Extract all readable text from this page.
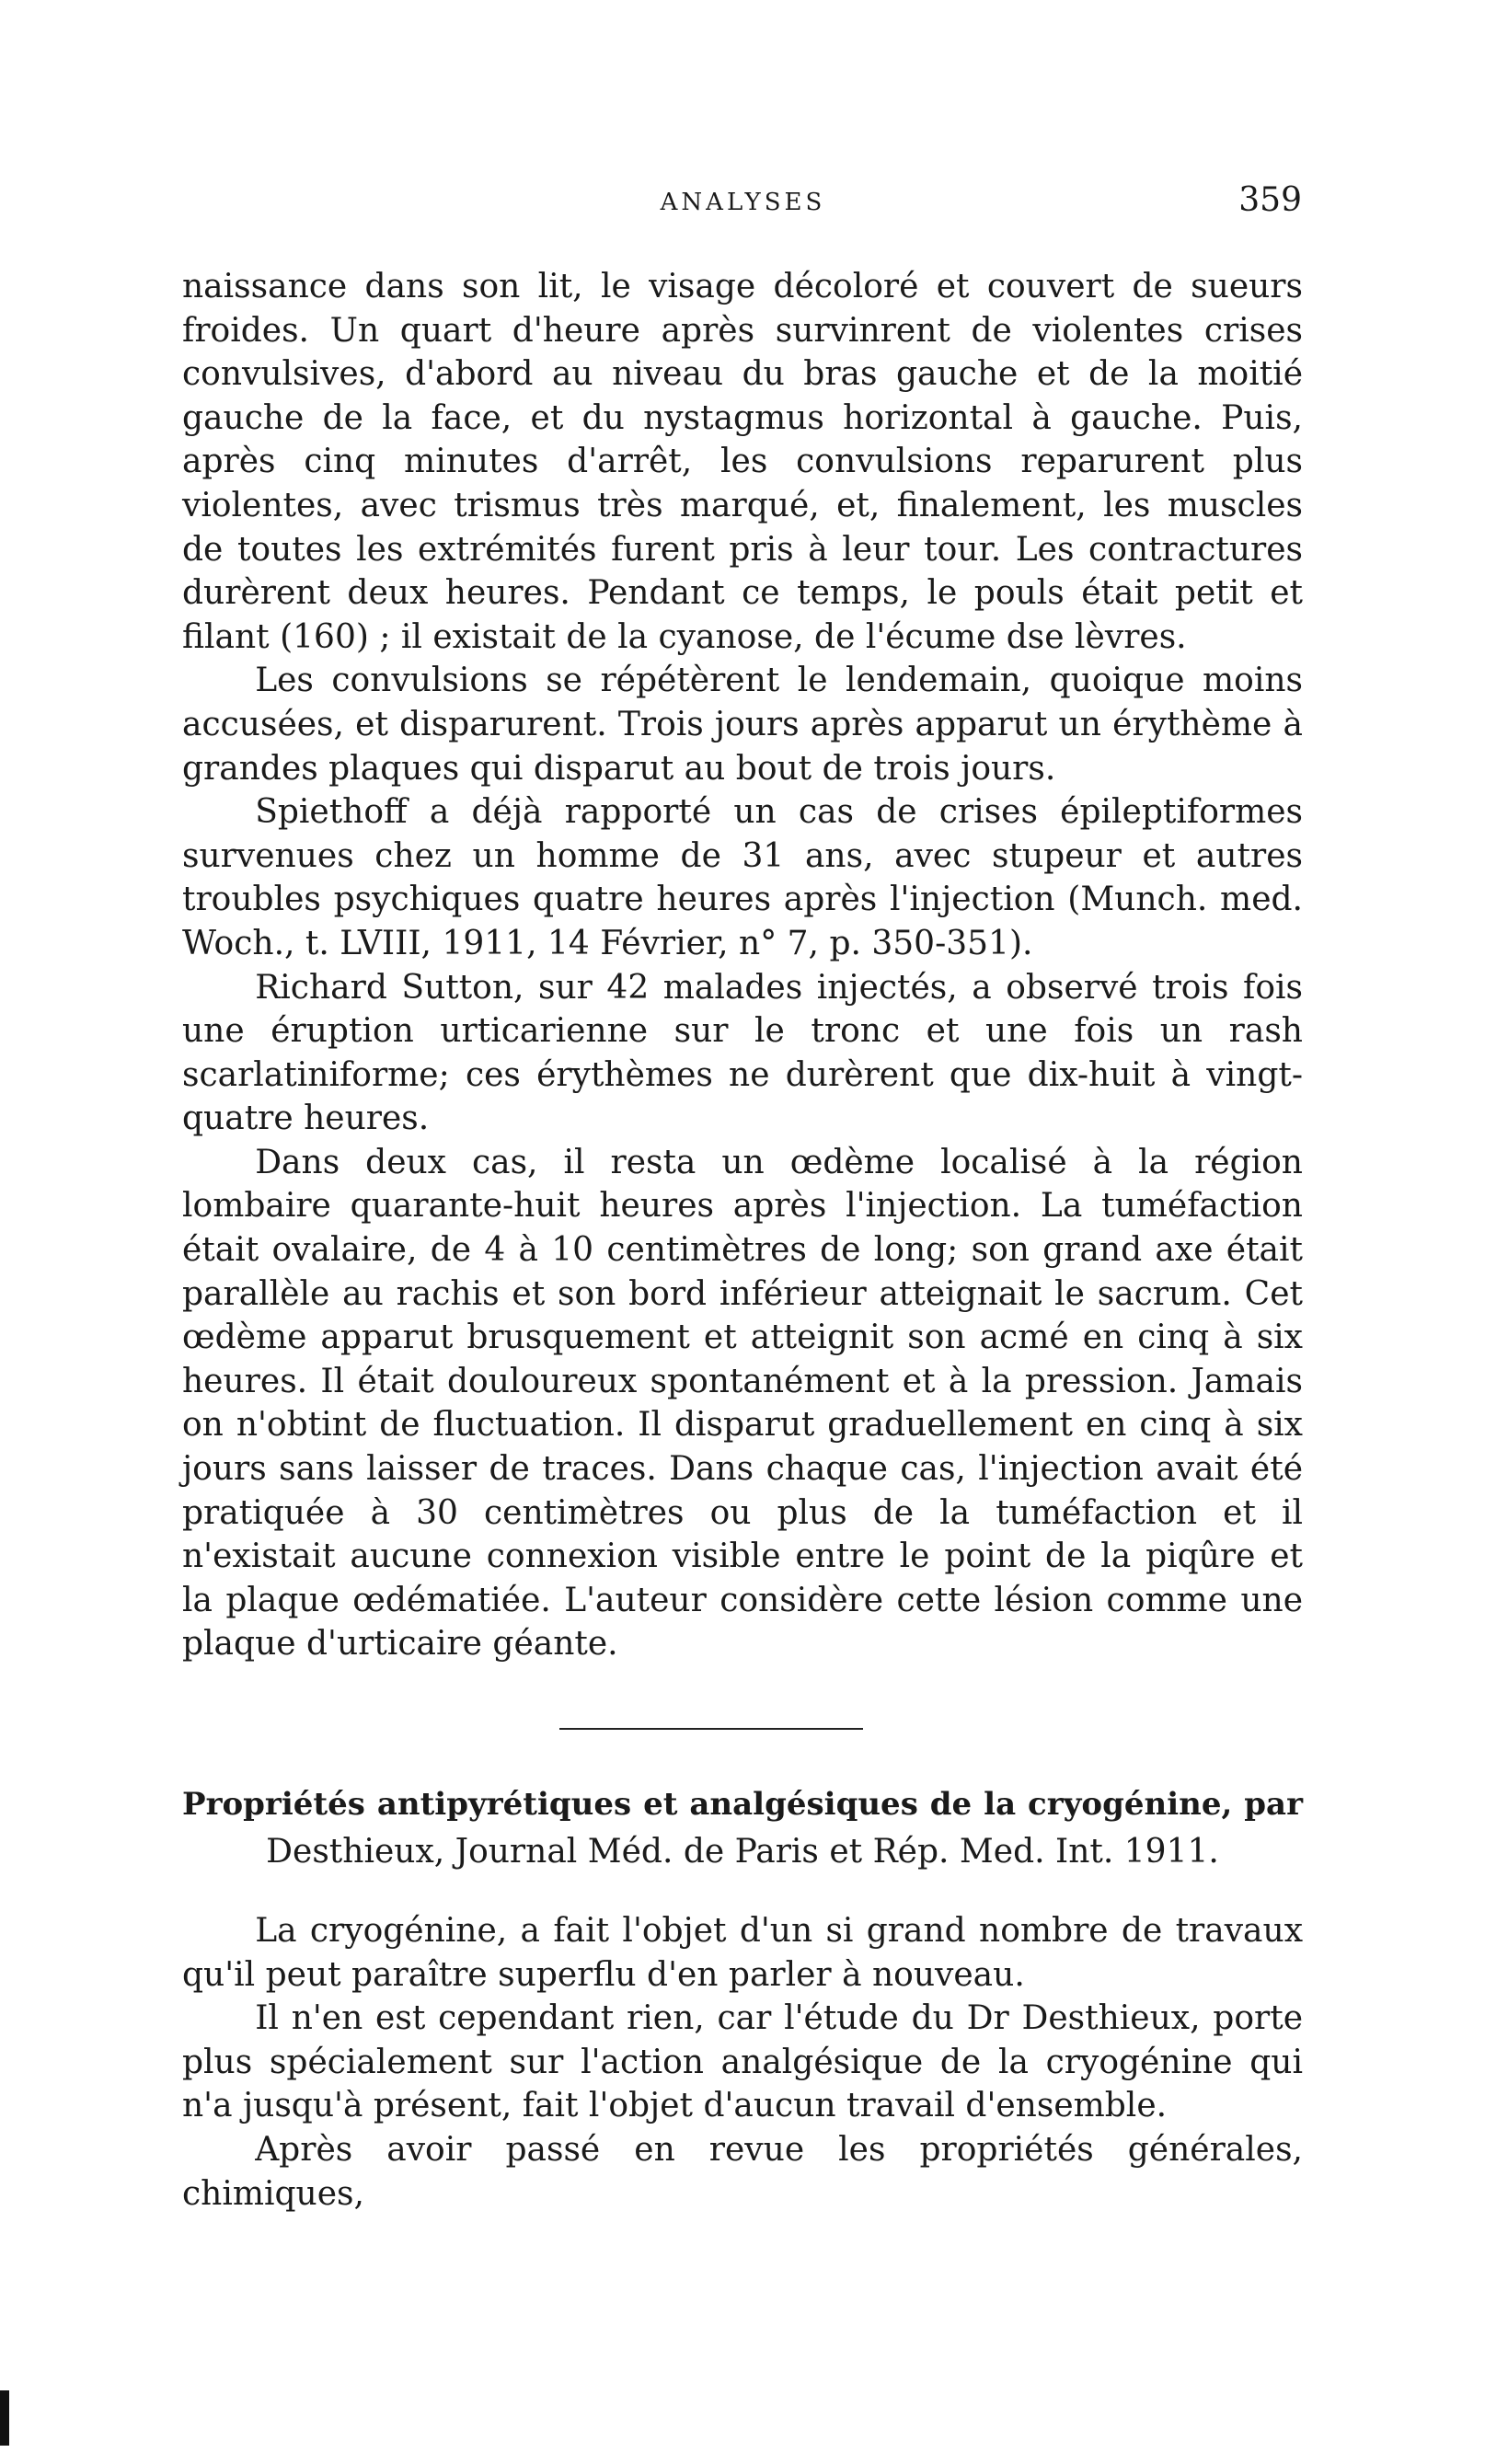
ANALYSES	359

naissance dans son lit, le visage décoloré et couvert de sueurs froides. Un quart d'heure après survinrent de violentes crises convulsives, d'abord au niveau du bras gauche et de la moitié gauche de la face, et du nystagmus horizontal à gauche. Puis, après cinq minutes d'arrêt, les convulsions reparurent plus violentes, avec trismus très marqué, et, finalement, les muscles de toutes les extrémités furent pris à leur tour. Les contractures durèrent deux heures. Pendant ce temps, le pouls était petit et filant (160) ; il existait de la cyanose, de l'écume dse lèvres.

Les convulsions se répétèrent le lendemain, quoique moins accusées, et disparurent. Trois jours après apparut un érythème à grandes plaques qui disparut au bout de trois jours.

Spiethoff a déjà rapporté un cas de crises épileptiformes survenues chez un homme de 31 ans, avec stupeur et autres troubles psychiques quatre heures après l'injection (Munch. med. Woch., t. LVIII, 1911, 14 Février, n° 7, p. 350-351).

Richard Sutton, sur 42 malades injectés, a observé trois fois une éruption urticarienne sur le tronc et une fois un rash scarlatiniforme; ces érythèmes ne durèrent que dix-huit à vingt-quatre heures.

Dans deux cas, il resta un œdème localisé à la région lombaire quarante-huit heures après l'injection. La tuméfaction était ovalaire, de 4 à 10 centimètres de long; son grand axe était parallèle au rachis et son bord inférieur atteignait le sacrum. Cet œdème apparut brusquement et atteignit son acmé en cinq à six heures. Il était douloureux spontanément et à la pression. Jamais on n'obtint de fluctuation. Il disparut graduellement en cinq à six jours sans laisser de traces. Dans chaque cas, l'injection avait été pratiquée à 30 centimètres ou plus de la tuméfaction et il n'existait aucune connexion visible entre le point de la piqûre et la plaque œdématiée. L'auteur considère cette lésion comme une plaque d'urticaire géante.

Propriétés antipyrétiques et analgésiques de la cryogénine, par
Desthieux, Journal Méd. de Paris et Rép. Med. Int. 1911.

La cryogénine, a fait l'objet d'un si grand nombre de travaux qu'il peut paraître superflu d'en parler à nouveau.

Il n'en est cependant rien, car l'étude du Dr Desthieux, porte plus spécialement sur l'action analgésique de la cryogénine qui n'a jusqu'à présent, fait l'objet d'aucun travail d'ensemble.

Après avoir passé en revue les propriétés générales, chimiques,
